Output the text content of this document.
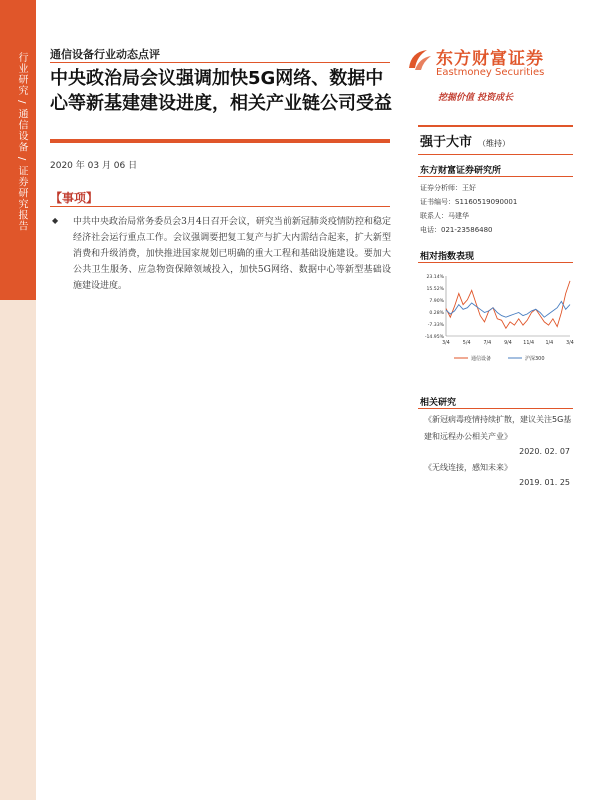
行业研究 / 通信设备 / 证券研究报告 通信设备行业动态点评
中央政治局会议强调加快5G网络、数据中心等新基建建设进度，相关产业链公司受益
2020 年 03 月 06 日
【事项】
◆ 中共中央政治局常务委员会3月4日召开会议，研究当前新冠肺炎疫情防控和稳定经济社会运行重点工作。会议强调要把复工复产与扩大内需结合起来，扩大新型消费和升级消费，加快推进国家规划已明确的重大工程和基础设施建设。要加大公共卫生服务、应急物资保障领域投入，加快5G网络、数据中心等新型基础设施建设进度。
东方财富证券
Eastmoney Securities
挖掘价值 投资成长
强于大市 （维持）
东方财富证券研究所
证券分析师：王好
证书编号：S1160519090001
联系人：马建华
电话：021-23586480
相对指数表现
23.14%
15.52%
7.90%
0.28%
-7.33%
-14.95%
3/4	5/4	7/4	9/4 11/4 1/4	3/4
通信设备	沪深300
相关研究
《新冠病毒疫情持续扩散，建议关注5G基建和远程办公相关产业》
2020. 02. 07
《无线连接，感知未来》
2019. 01. 25
